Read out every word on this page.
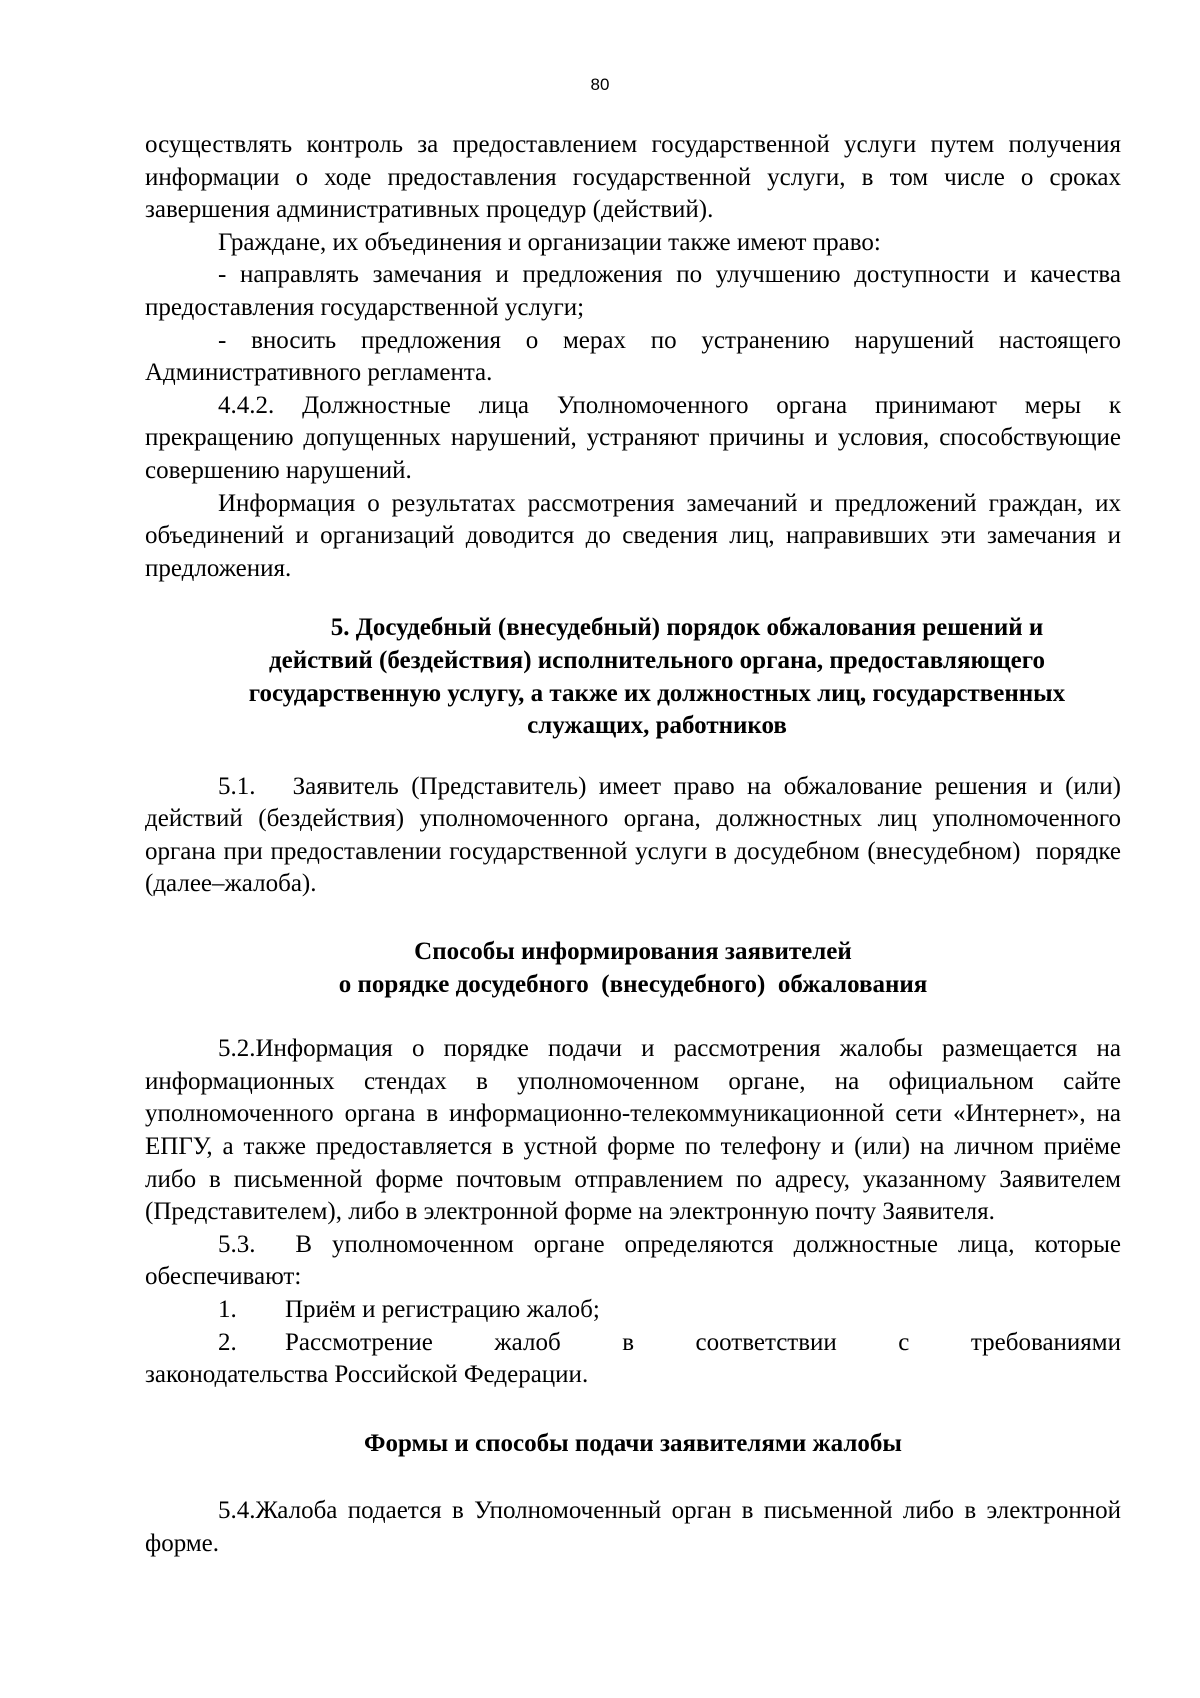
80

осуществлять контроль за предоставлением государственной услуги путем получения информации о ходе предоставления государственной услуги, в том числе о сроках завершения административных процедур (действий).

Граждане, их объединения и организации также имеют право:

- направлять замечания и предложения по улучшению доступности и качества предоставления государственной услуги;

- вносить предложения о мерах по устранению нарушений настоящего Административного регламента.

4.4.2. Должностные лица Уполномоченного органа принимают меры к прекращению допущенных нарушений, устраняют причины и условия, способствующие совершению нарушений.

Информация о результатах рассмотрения замечаний и предложений граждан, их объединений и организаций доводится до сведения лиц, направивших эти замечания и предложения.

5. Досудебный (внесудебный) порядок обжалования решений и
действий (бездействия) исполнительного органа, предоставляющего
государственную услугу, а также их должностных лиц, государственных
служащих, работников

5.1.   Заявитель (Представитель) имеет право на обжалование решения и (или) действий (бездействия) уполномоченного органа, должностных лиц уполномоченного органа при предоставлении государственной услуги в досудебном (внесудебном)  порядке  (далее–жалоба).

Способы информирования заявителей
о порядке досудебного  (внесудебного)  обжалования

5.2.Информация о порядке подачи и рассмотрения жалобы размещается на информационных стендах в уполномоченном органе, на официальном сайте уполномоченного органа в информационно-телекоммуникационной сети «Интернет», на ЕПГУ, а также предоставляется в устной форме по телефону и (или) на личном приёме либо в письменной форме почтовым отправлением по адресу, указанному Заявителем (Представителем), либо в электронной форме на электронную почту Заявителя.

5.3.  В уполномоченном органе определяются должностные лица, которые обеспечивают:

1.	Приём и регистрацию жалоб;
2.	Рассмотрение жалоб в соответствии с требованиями

законодательства Российской Федерации.

Формы и способы подачи заявителями жалобы

5.4.Жалоба подается в Уполномоченный орган в письменной либо в электронной форме.
